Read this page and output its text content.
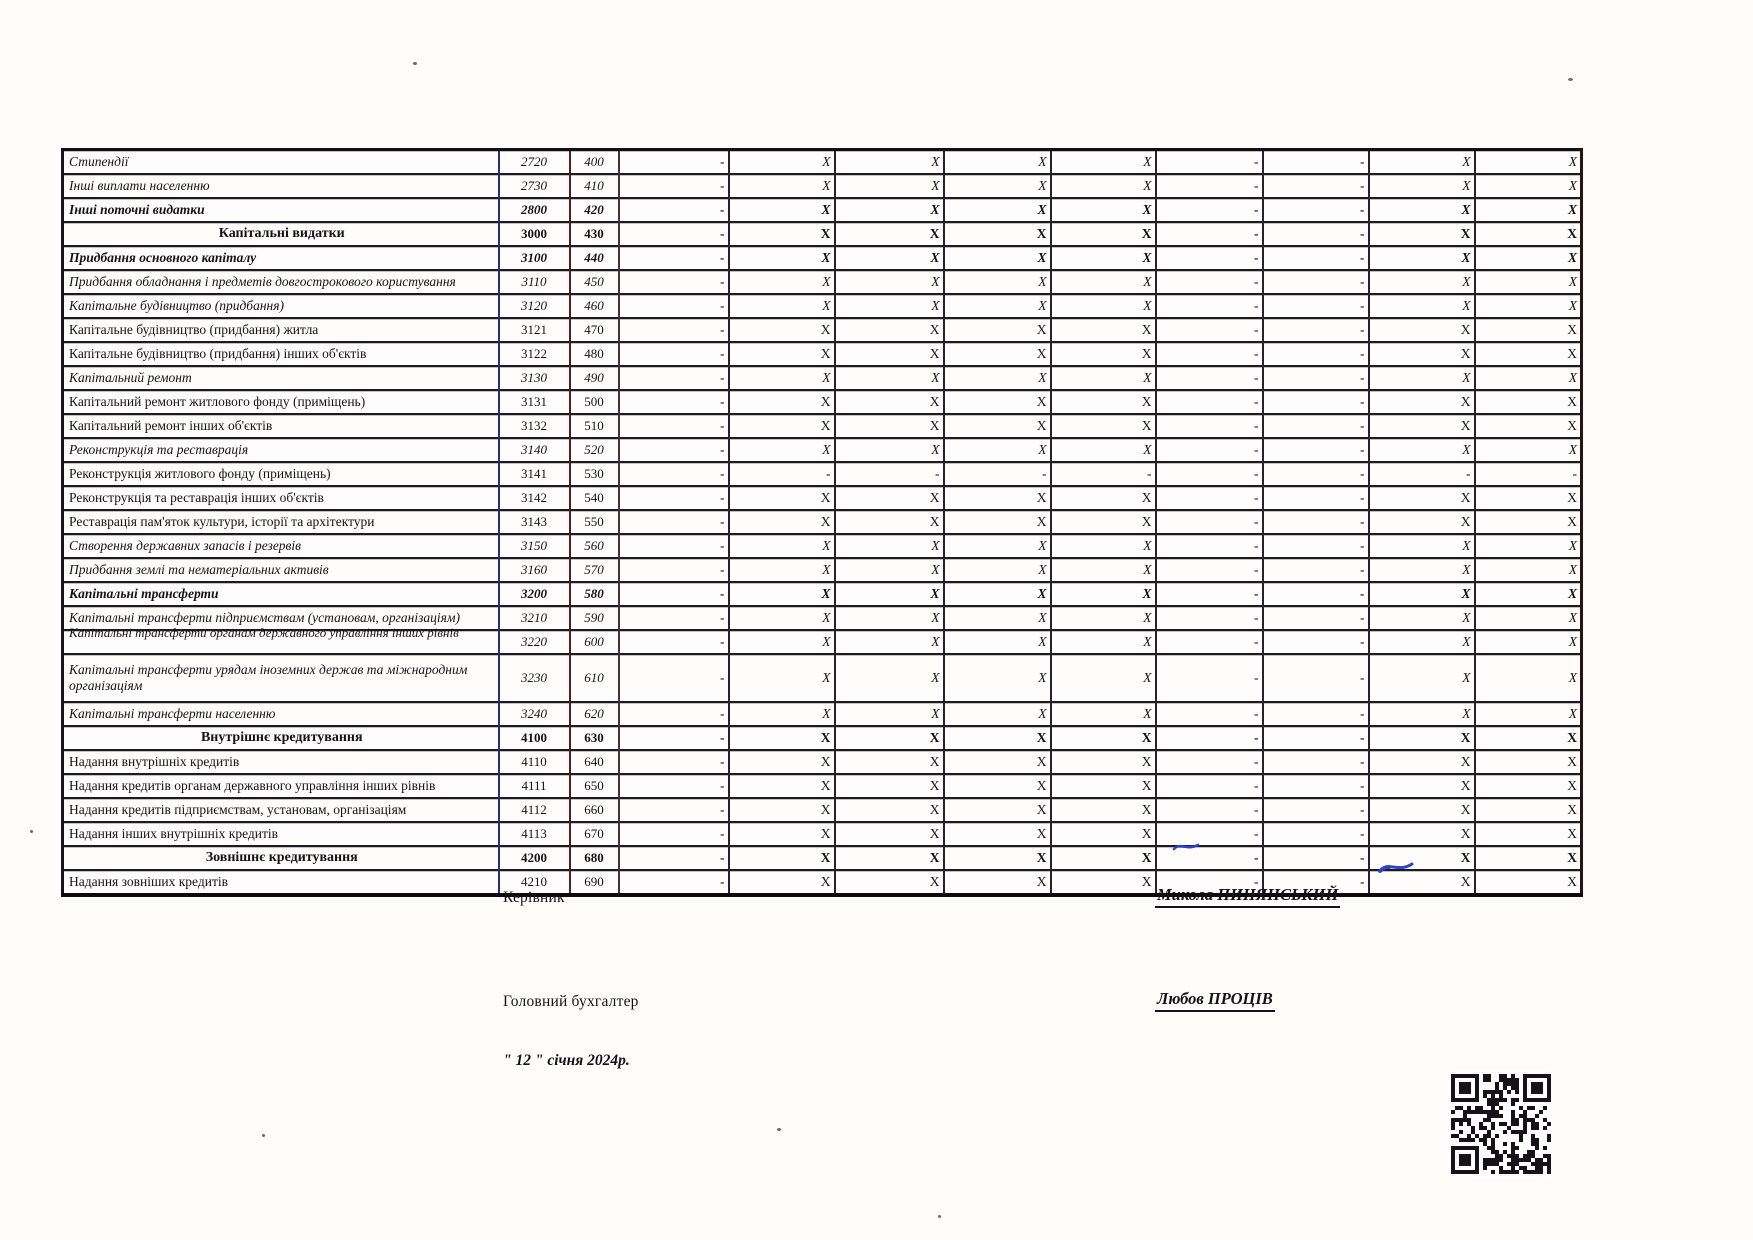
Стипендії	2720	400	-	X	X	X	X	-	-	X	X
Інші виплати населенню	2730	410	-	X	X	X	X	-	-	X	X
Інші поточні видатки	2800	420	-	X	X	X	X	-	-	X	X
Капітальні видатки	3000	430	-	X	X	X	X	-	-	X	X
Придбання основного капіталу	3100	440	-	X	X	X	X	-	-	X	X
Придбання обладнання і предметів довгострокового користування	3110	450	-	X	X	X	X	-	-	X	X
Капітальне будівництво (придбання)	3120	460	-	X	X	X	X	-	-	X	X
Капітальне будівництво (придбання) житла	3121	470	-	X	X	X	X	-	-	X	X
Капітальне будівництво (придбання) інших об'єктів	3122	480	-	X	X	X	X	-	-	X	X
Капітальний ремонт	3130	490	-	X	X	X	X	-	-	X	X
Капітальний ремонт житлового фонду (приміщень)	3131	500	-	X	X	X	X	-	-	X	X
Капітальний ремонт інших об'єктів	3132	510	-	X	X	X	X	-	-	X	X
Реконструкція та реставрація	3140	520	-	X	X	X	X	-	-	X	X
Реконструкція житлового фонду (приміщень)	3141	530	-	-	-	-	-	-	-	-	-
Реконструкція та реставрація інших об'єктів	3142	540	-	X	X	X	X	-	-	X	X
Реставрація пам'яток культури, історії та архітектури	3143	550	-	X	X	X	X	-	-	X	X
Створення державних запасів і резервів	3150	560	-	X	X	X	X	-	-	X	X
Придбання землі та нематеріальних активів	3160	570	-	X	X	X	X	-	-	X	X
Капітальні трансферти	3200	580	-	X	X	X	X	-	-	X	X
Капітальні трансферти підприємствам (установам, організаціям)	3210	590	-	X	X	X	X	-	-	X	X

Капітальні трансферти органам державного управління інших рівнів	3220	600	-	X	X	X	X	-	-	X	X
Капітальні трансферти урядам іноземних держав та міжнародним організаціям	3230	610	-	X	X	X	X	-	-	X	X
Капітальні трансферти населенню	3240	620	-	X	X	X	X	-	-	X	X
Внутрішнє кредитування	4100	630	-	X	X	X	X	-	-	X	X
Надання внутрішніх кредитів	4110	640	-	X	X	X	X	-	-	X	X
Надання кредитів органам державного управління інших рівнів	4111	650	-	X	X	X	X	-	-	X	X
Надання кредитів підприємствам, установам, організаціям	4112	660	-	X	X	X	X	-	-	X	X
Надання інших внутрішніх кредитів	4113	670	-	X	X	X	X	-	-	X	X
Зовнішнє кредитування	4200	680	-	X	X	X	X	-	-	X	X
Надання зовніших кредитів	4210	690	-	X	X	X	X	-	-	X	X
Керівник	Микола ПИНЯНСЬКИЙ
Головний бухгалтер	Любов ПРОЦІВ
" 12 " січня 2024р.
